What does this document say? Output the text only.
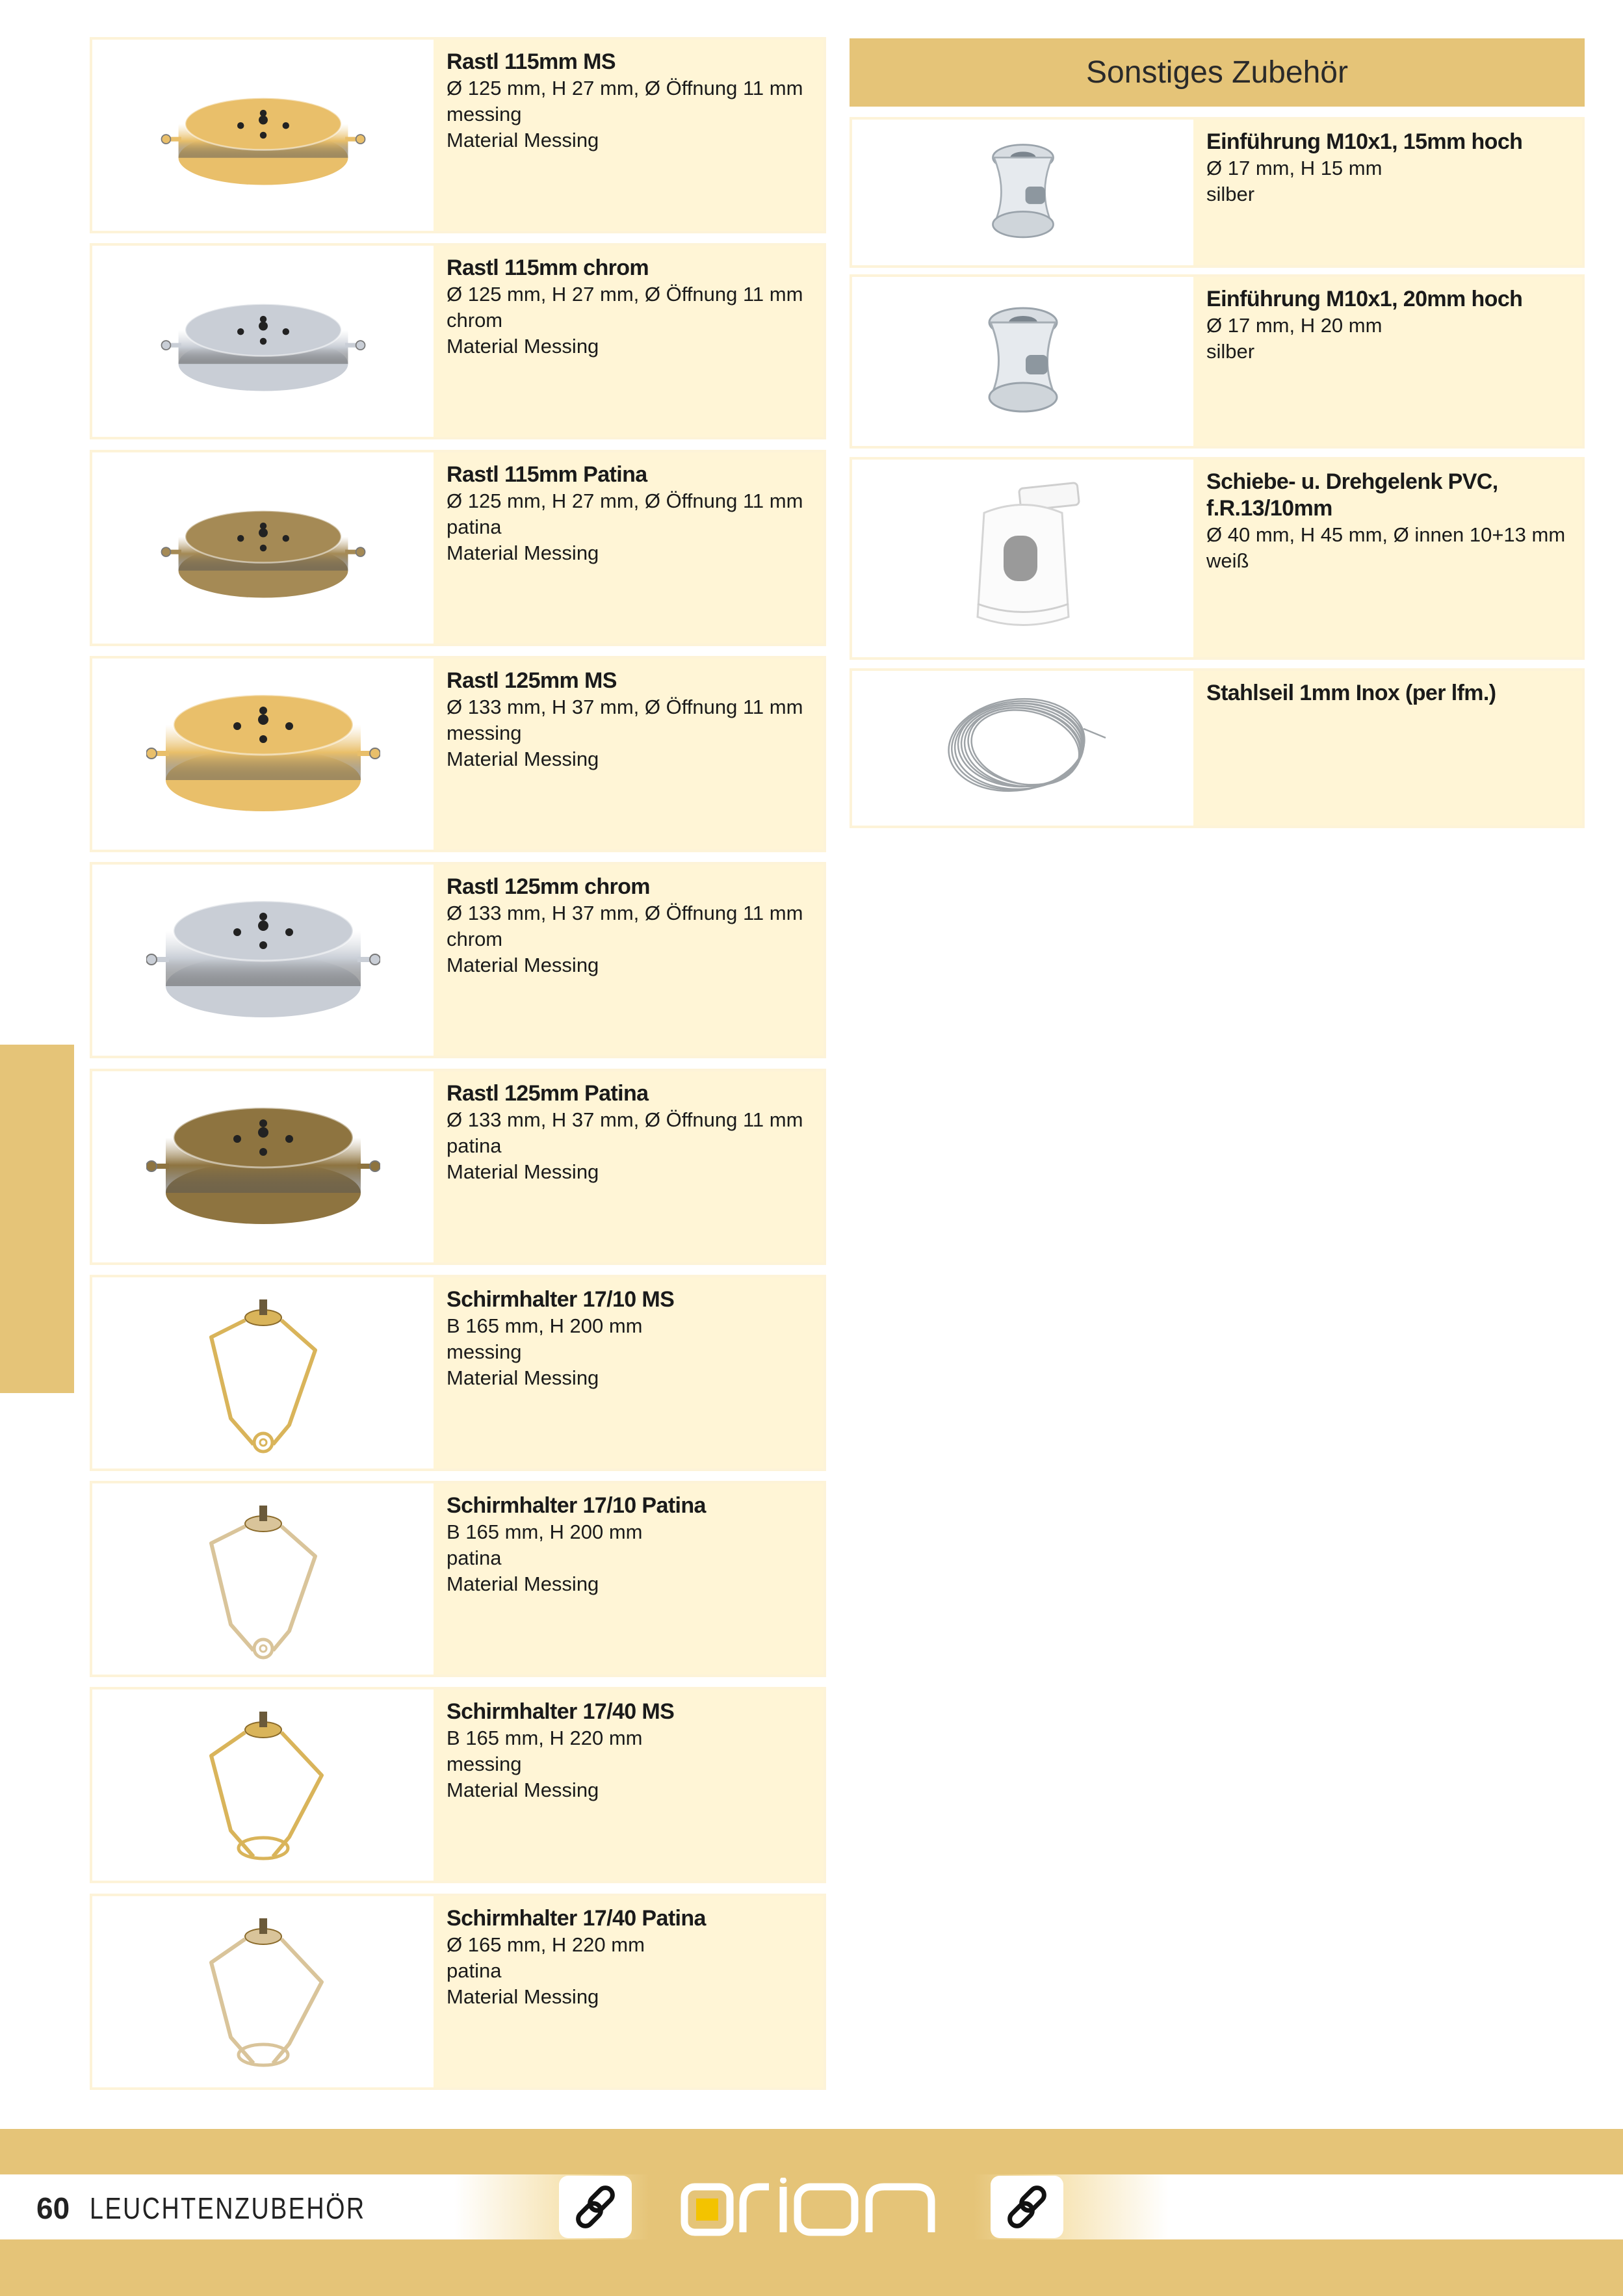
Rastl 115mm MS
Ø 125 mm, H 27 mm, Ø Öffnung 11 mm
messing
Material Messing
Rastl 115mm chrom
Ø 125 mm, H 27 mm, Ø Öffnung 11 mm
chrom
Material Messing
Rastl 115mm Patina
Ø 125 mm, H 27 mm, Ø Öffnung 11 mm
patina
Material Messing
Rastl 125mm MS
Ø 133 mm, H 37 mm, Ø Öffnung 11 mm
messing
Material Messing
Rastl 125mm chrom
Ø 133 mm, H 37 mm, Ø Öffnung 11 mm
chrom
Material Messing
Rastl 125mm Patina
Ø 133 mm, H 37 mm, Ø Öffnung 11 mm
patina
Material Messing
Schirmhalter 17/10 MS
B 165 mm, H 200 mm
messing
Material Messing
Schirmhalter 17/10 Patina
B 165 mm, H 200 mm
patina
Material Messing
Schirmhalter 17/40 MS
B 165 mm, H 220 mm
messing
Material Messing
Schirmhalter 17/40 Patina
Ø 165 mm, H 220 mm
patina
Material Messing
Sonstiges Zubehör
Einführung M10x1, 15mm hoch
Ø 17 mm, H 15 mm
silber
Einführung M10x1, 20mm hoch
Ø 17 mm, H 20 mm
silber
Schiebe- u. Drehgelenk PVC, f.R.13/10mm
Ø 40 mm, H 45 mm, Ø innen 10+13 mm
weiß
Stahlseil 1mm Inox (per lfm.)
60 LEUCHTENZUBEHÖR
